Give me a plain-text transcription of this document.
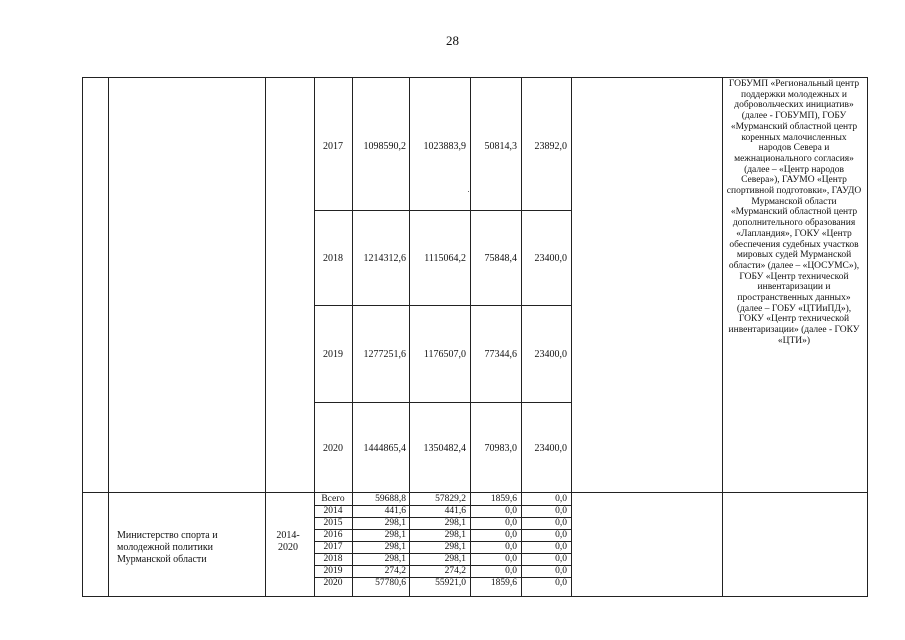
28
2017	1098590,2	1023883,9	50814,3	23892,0
2018	1214312,6	1115064,2	75848,4	23400,0
2019	1277251,6	1176507,0	77344,6	23400,0
2020	1444865,4	1350482,4	70983,0	23400,0
ГОБУМП «Региональный центр поддержки молодежных и добровольческих инициатив» (далее - ГОБУМП), ГОБУ «Мурманский областной центр коренных малочисленных народов Севера и межнационального согласия» (далее – «Центр народов Севера»), ГАУМО «Центр спортивной подготовки», ГАУДО Мурманской области «Мурманский областной центр дополнительного образования «Лапландия», ГОКУ «Центр обеспечения судебных участков мировых судей Мурманской области» (далее – «ЦОСУМС»), ГОБУ «Центр технической инвентаризации и пространственных данных» (далее – ГОБУ «ЦТИиПД»), ГОКУ «Центр технической инвентаризации» (далее - ГОКУ «ЦТИ»)
Министерство спорта и молодежной политики Мурманской области
2014-2020
Всего	59688,8	57829,2	1859,6	0,0
2014	441,6	441,6	0,0	0,0
2015	298,1	298,1	0,0	0,0
2016	298,1	298,1	0,0	0,0
2017	298,1	298,1	0,0	0,0
2018	298,1	298,1	0,0	0,0
2019	274,2	274,2	0,0	0,0
2020	57780,6	55921,0	1859,6	0,0
